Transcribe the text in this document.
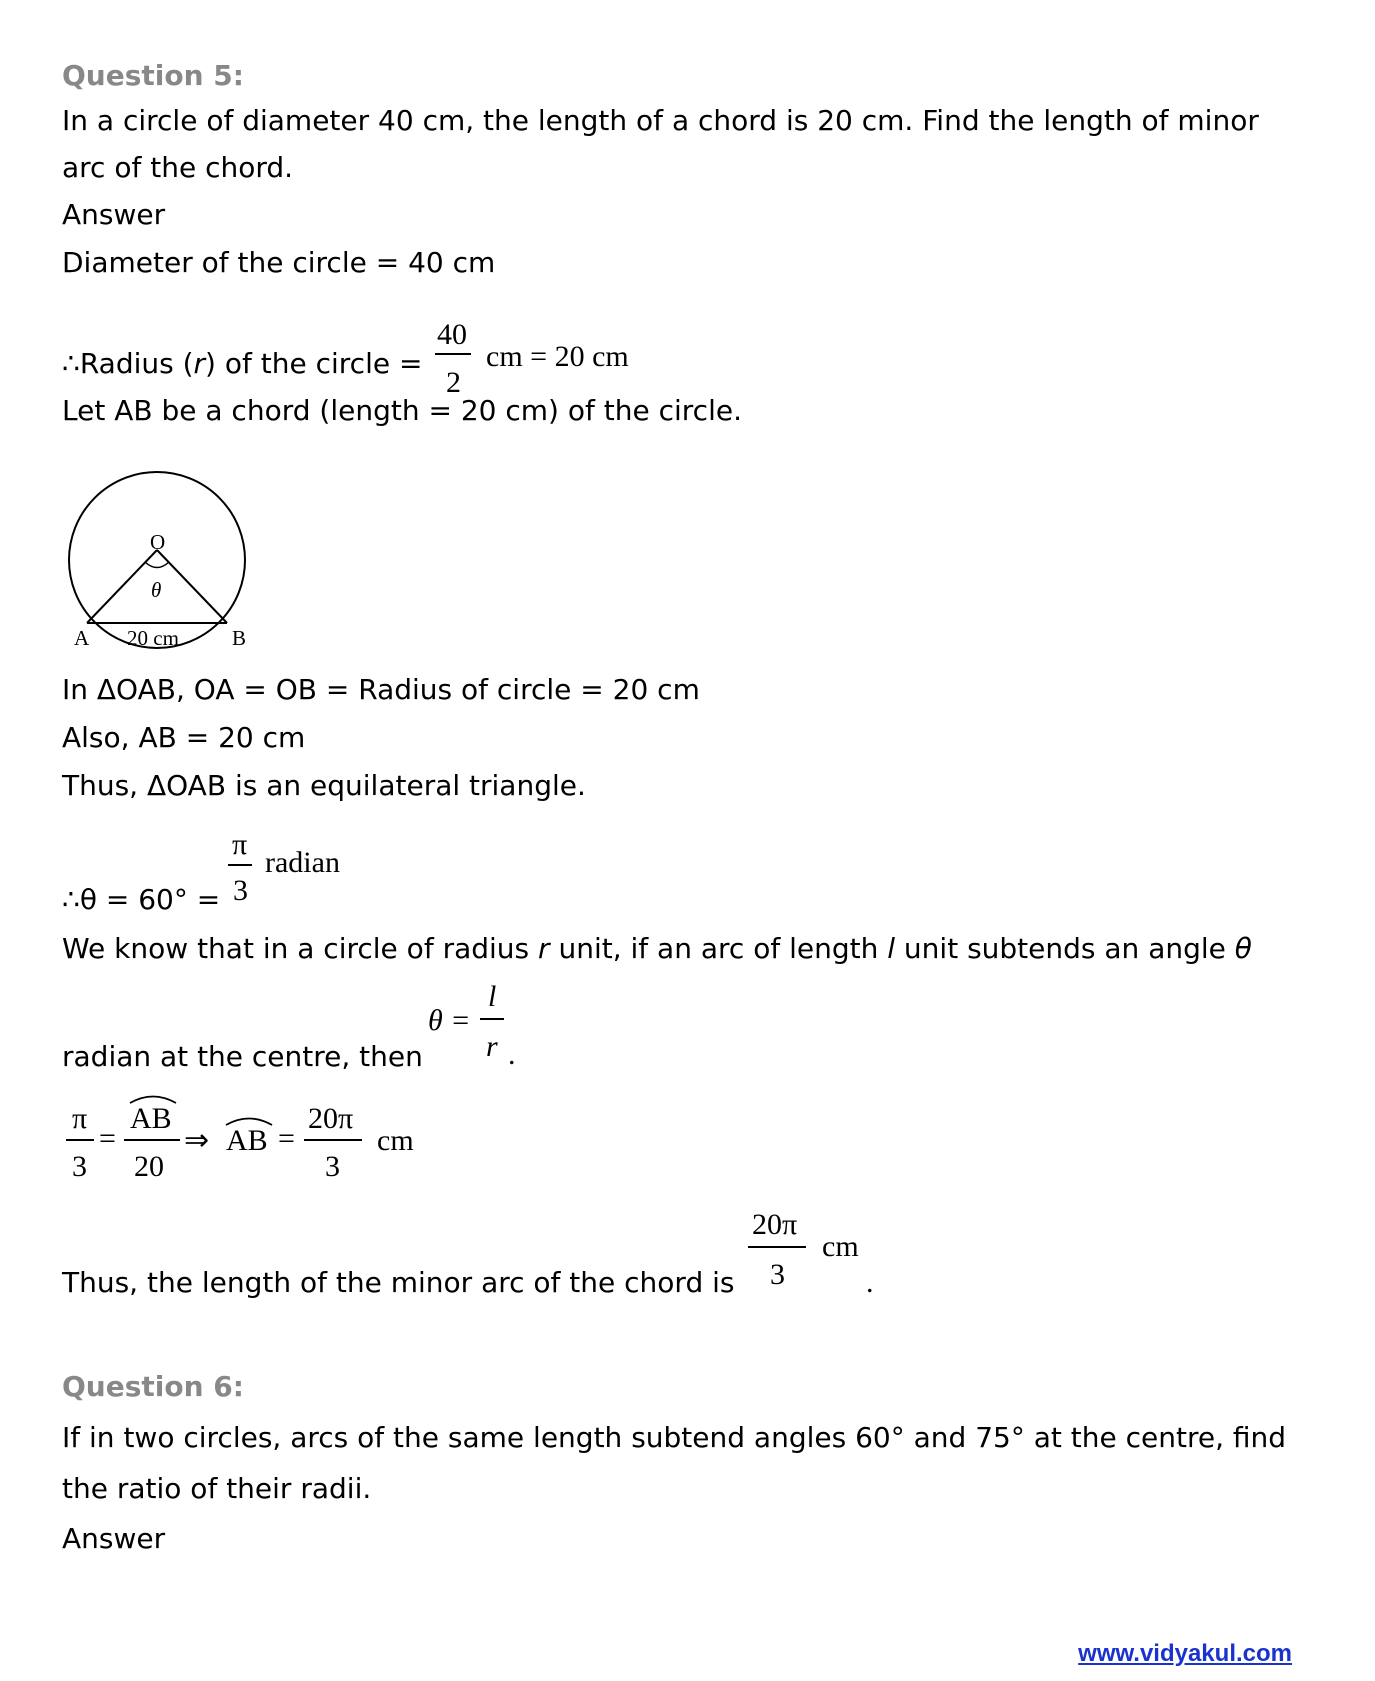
Question 5:
In a circle of diameter 40 cm, the length of a chord is 20 cm. Find the length of minor
arc of the chord.
Answer
Diameter of the circle = 40 cm
∴Radius (r) of the circle =
40
2
cm = 20 cm
Let AB be a chord (length = 20 cm) of the circle.
O
θ
A	B
20 cm
In ΔOAB, OA = OB = Radius of circle = 20 cm
Also, AB = 20 cm
Thus, ΔOAB is an equilateral triangle.
∴θ = 60° =
π
3
radian
We know that in a circle of radius r unit, if an arc of length l unit subtends an angle θ
radian at the centre, then
θ =
l
r .
π
3
=
AB
20
⇒ AB =
20π
3
cm
Thus, the length of the minor arc of the chord is
20π
3
cm
.
Question 6:
If in two circles, arcs of the same length subtend angles 60° and 75° at the centre, find
the ratio of their radii.
Answer
www.vidyakul.com
